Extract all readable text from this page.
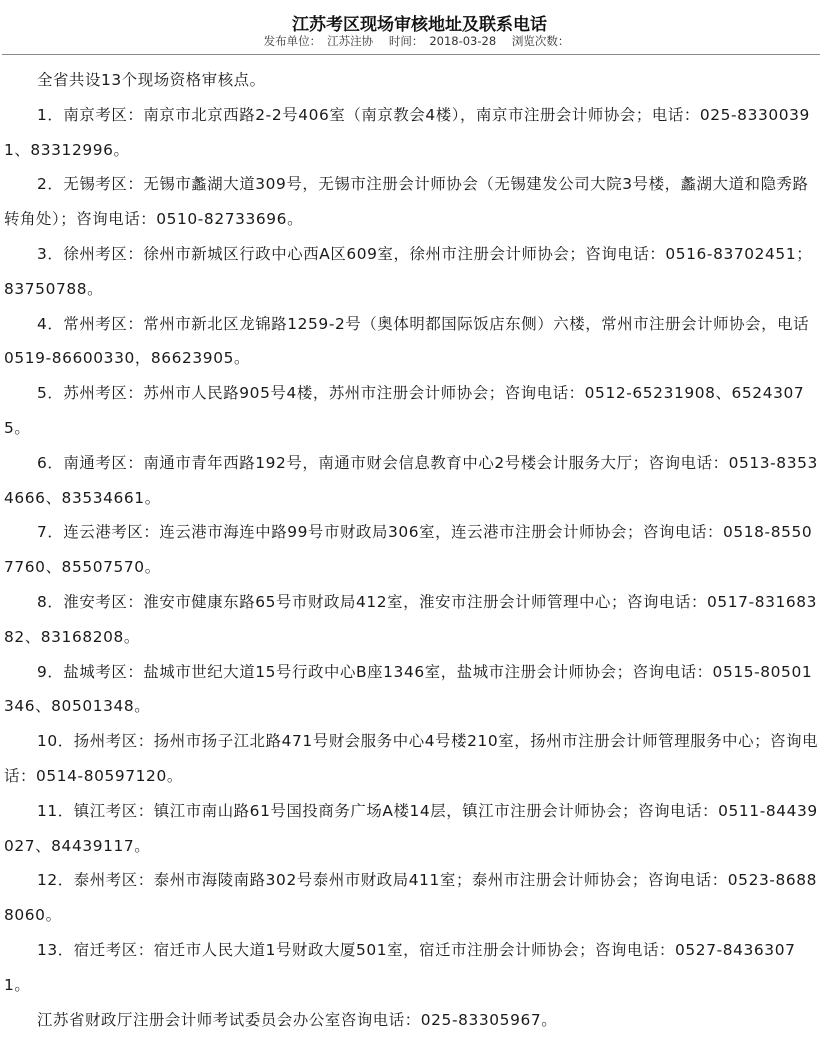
江苏考区现场审核地址及联系电话
发布单位： 江苏注协 时间： 2018-03-28 浏览次数：

全省共设13个现场资格审核点。

1．南京考区：南京市北京西路2-2号406室（南京教会4楼），南京市注册会计师协会；电话：025-83300391、83312996。

2．无锡考区：无锡市蠡湖大道309号，无锡市注册会计师协会（无锡建发公司大院3号楼，蠡湖大道和隐秀路转角处）；咨询电话：0510-82733696。

3．徐州考区：徐州市新城区行政中心西A区609室，徐州市注册会计师协会；咨询电话：0516-83702451；83750788。

4．常州考区：常州市新北区龙锦路1259-2号（奥体明都国际饭店东侧）六楼，常州市注册会计师协会，电话0519-86600330，86623905。

5．苏州考区：苏州市人民路905号4楼，苏州市注册会计师协会；咨询电话：0512-65231908、65243075。

6．南通考区：南通市青年西路192号，南通市财会信息教育中心2号楼会计服务大厅；咨询电话：0513-83534666、83534661。

7．连云港考区：连云港市海连中路99号市财政局306室，连云港市注册会计师协会；咨询电话：0518-85507760、85507570。

8．淮安考区：淮安市健康东路65号市财政局412室，淮安市注册会计师管理中心；咨询电话：0517-83168382、83168208。

9．盐城考区：盐城市世纪大道15号行政中心B座1346室，盐城市注册会计师协会；咨询电话：0515-80501346、80501348。

10．扬州考区：扬州市扬子江北路471号财会服务中心4号楼210室，扬州市注册会计师管理服务中心；咨询电话：0514-80597120。

11．镇江考区：镇江市南山路61号国投商务广场A楼14层，镇江市注册会计师协会；咨询电话：0511-84439027、84439117。

12．泰州考区：泰州市海陵南路302号泰州市财政局411室；泰州市注册会计师协会；咨询电话：0523-86888060。

13．宿迁考区：宿迁市人民大道1号财政大厦501室，宿迁市注册会计师协会；咨询电话：0527-84363071。

江苏省财政厅注册会计师考试委员会办公室咨询电话：025-83305967。
